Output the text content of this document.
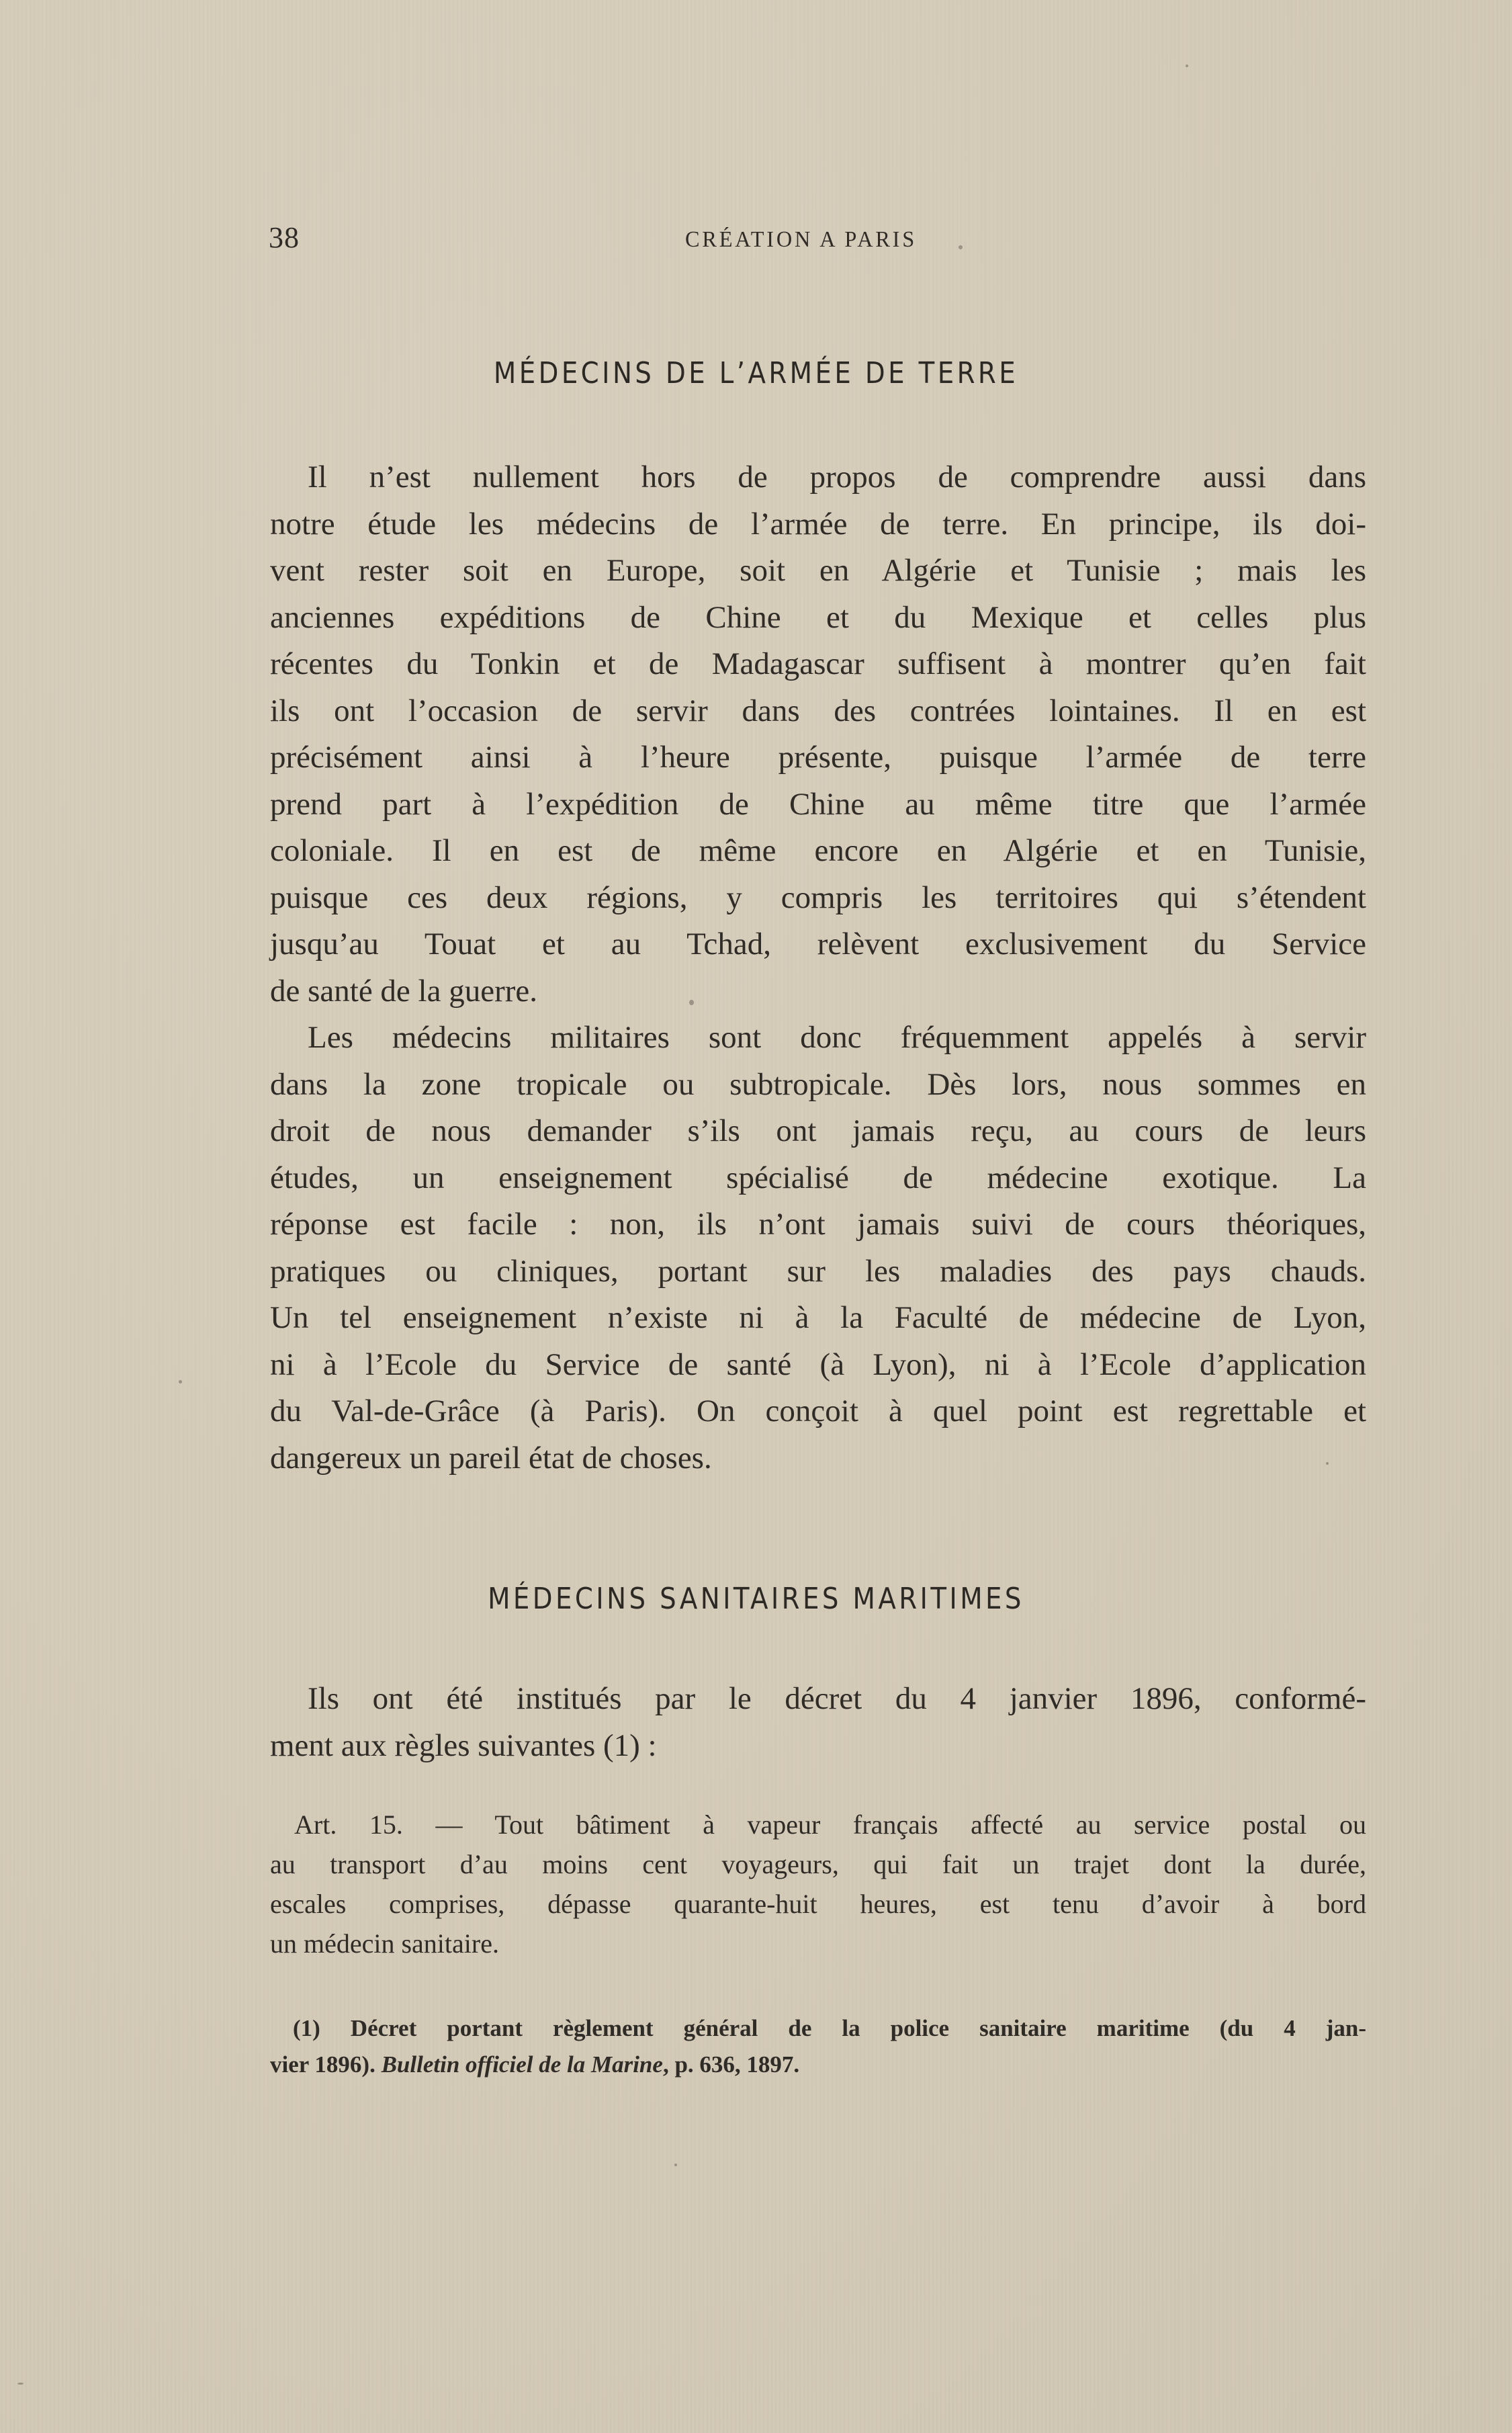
38	CRÉATION A PARIS
MÉDECINS DE L’ARMÉE DE TERRE
Il n’est nullement hors de propos de comprendre aussi dans
notre étude les médecins de l’armée de terre. En principe, ils doi-
vent rester soit en Europe, soit en Algérie et Tunisie ; mais les
anciennes expéditions de Chine et du Mexique et celles plus
récentes du Tonkin et de Madagascar suffisent à montrer qu’en fait
ils ont l’occasion de servir dans des contrées lointaines. Il en est
précisément ainsi à l’heure présente, puisque l’armée de terre
prend part à l’expédition de Chine au même titre que l’armée
coloniale. Il en est de même encore en Algérie et en Tunisie,
puisque ces deux régions, y compris les territoires qui s’étendent
jusqu’au Touat et au Tchad, relèvent exclusivement du Service
de santé de la guerre.
Les médecins militaires sont donc fréquemment appelés à servir
dans la zone tropicale ou subtropicale. Dès lors, nous sommes en
droit de nous demander s’ils ont jamais reçu, au cours de leurs
études, un enseignement spécialisé de médecine exotique. La
réponse est facile : non, ils n’ont jamais suivi de cours théoriques,
pratiques ou cliniques, portant sur les maladies des pays chauds.
Un tel enseignement n’existe ni à la Faculté de médecine de Lyon,
ni à l’Ecole du Service de santé (à Lyon), ni à l’Ecole d’application
du Val-de-Grâce (à Paris). On conçoit à quel point est regrettable et
dangereux un pareil état de choses.
MÉDECINS SANITAIRES MARITIMES
Ils ont été institués par le décret du 4 janvier 1896, conformé-
ment aux règles suivantes (1) :
Art. 15. — Tout bâtiment à vapeur français affecté au service postal ou
au transport d’au moins cent voyageurs, qui fait un trajet dont la durée,
escales comprises, dépasse quarante-huit heures, est tenu d’avoir à bord
un médecin sanitaire.
(1) Décret portant règlement général de la police sanitaire maritime (du 4 jan-
vier 1896). Bulletin officiel de la Marine, p. 636, 1897.
